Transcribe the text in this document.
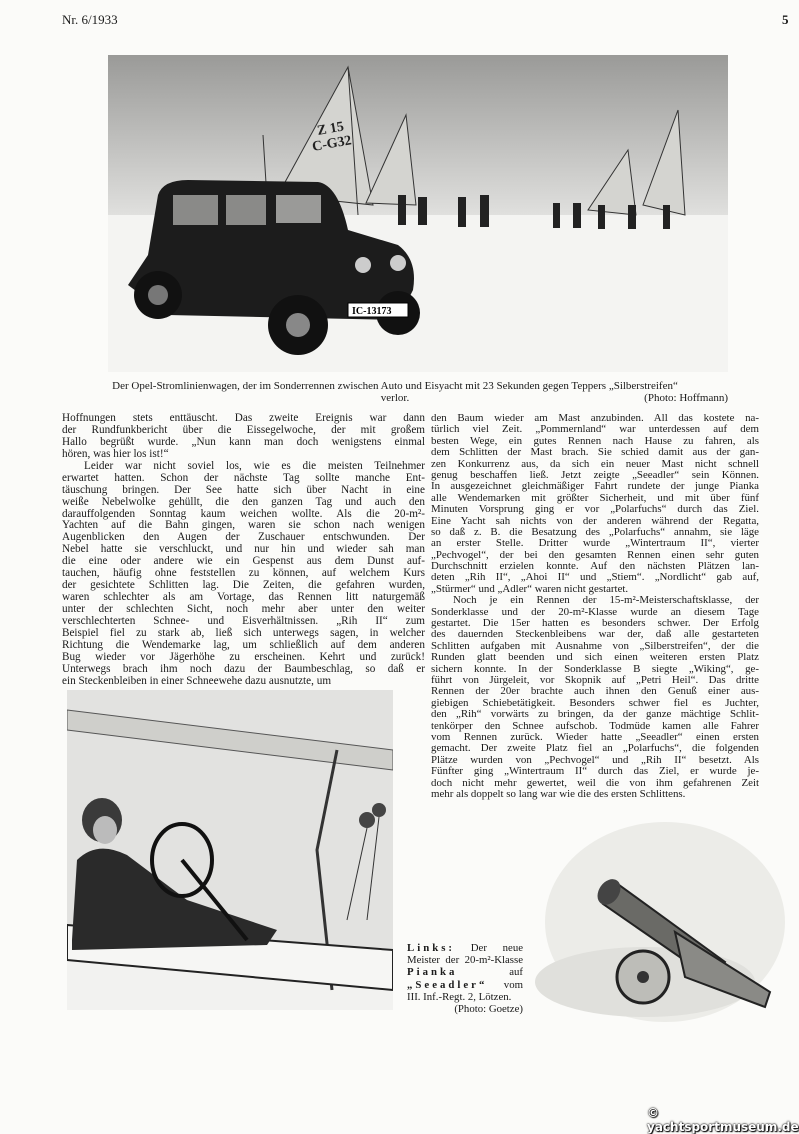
Nr. 6/1933	5
Z 15
C-G32
IC-13173
Der Opel-Stromlinienwagen, der im Sonderrennen zwischen Auto und Eisyacht mit 23 Sekunden gegen Teppers „Silberstreifen“
verlor.	(Photo: Hoffmann)
Hoffnungen stets enttäuscht. Das zweite Ereignis war dann
der Rundfunkbericht über die Eissegelwoche, der mit großem
Hallo begrüßt wurde. „Nun kann man doch wenigstens einmal
hören, was hier los ist!“
Leider war nicht soviel los, wie es die meisten Teilnehmer
erwartet hatten. Schon der nächste Tag sollte manche Ent-
täuschung bringen. Der See hatte sich über Nacht in eine
weiße Nebelwolke gehüllt, die den ganzen Tag und auch den
darauffolgenden Sonntag kaum weichen wollte. Als die 20-m²-
Yachten auf die Bahn gingen, waren sie schon nach wenigen
Augenblicken den Augen der Zuschauer entschwunden. Der
Nebel hatte sie verschluckt, und nur hin und wieder sah man
die eine oder andere wie ein Gespenst aus dem Dunst auf-
tauchen, häufig ohne feststellen zu können, auf welchem Kurs
der gesichtete Schlitten lag. Die Zeiten, die gefahren wurden,
waren schlechter als am Vortage, das Rennen litt naturgemäß
unter der schlechten Sicht, noch mehr aber unter den weiter
verschlechterten Schnee- und Eisverhältnissen. „Rih II“ zum
Beispiel fiel zu stark ab, ließ sich unterwegs sagen, in welcher
Richtung die Wendemarke lag, um schließlich auf dem anderen
Bug wieder vor Jägerhöhe zu erscheinen. Kehrt und zurück!
Unterwegs brach ihm noch dazu der Baumbeschlag, so daß er
ein Steckenbleiben in einer Schneewehe dazu ausnutzte, um
den Baum wieder am Mast anzubinden. All das kostete na-
türlich viel Zeit. „Pommernland“ war unterdessen auf dem
besten Wege, ein gutes Rennen nach Hause zu fahren, als
dem Schlitten der Mast brach. Sie schied damit aus der gan-
zen Konkurrenz aus, da sich ein neuer Mast nicht schnell
genug beschaffen ließ. Jetzt zeigte „Seeadler“ sein Können.
In ausgezeichnet gleichmäßiger Fahrt rundete der junge Pianka
alle Wendemarken mit größter Sicherheit, und mit über fünf
Minuten Vorsprung ging er vor „Polarfuchs“ durch das Ziel.
Eine Yacht sah nichts von der anderen während der Regatta,
so daß z. B. die Besatzung des „Polarfuchs“ annahm, sie läge
an erster Stelle. Dritter wurde „Wintertraum II“, vierter
„Pechvogel“, der bei den gesamten Rennen einen sehr guten
Durchschnitt erzielen konnte. Auf den nächsten Plätzen lan-
deten „Rih II“, „Ahoi II“ und „Stiem“. „Nordlicht“ gab auf,
„Stürmer“ und „Adler“ waren nicht gestartet.
Noch je ein Rennen der 15-m²-Meisterschaftsklasse, der
Sonderklasse und der 20-m²-Klasse wurde an diesem Tage
gestartet. Die 15er hatten es besonders schwer. Der Erfolg
des dauernden Steckenbleibens war der, daß alle gestarteten
Schlitten aufgaben mit Ausnahme von „Silberstreifen“, der die
Runden glatt beenden und sich einen weiteren ersten Platz
sichern konnte. In der Sonderklasse B siegte „Wiking“, ge-
führt von Jürgeleit, vor Skopnik auf „Petri Heil“. Das dritte
Rennen der 20er brachte auch ihnen den Genuß einer aus-
giebigen Schiebetätigkeit. Besonders schwer fiel es Juchter,
den „Rih“ vorwärts zu bringen, da der ganze mächtige Schlit-
tenkörper den Schnee aufschob. Todmüde kamen alle Fahrer
vom Rennen zurück. Wieder hatte „Seeadler“ einen ersten
gemacht. Der zweite Platz fiel an „Polarfuchs“, die folgenden
Plätze wurden von „Pechvogel“ und „Rih II“ besetzt. Als
Fünfter ging „Wintertraum II“ durch das Ziel, er wurde je-
doch nicht mehr gewertet, weil die von ihm gefahrenen Zeit
mehr als doppelt so lang war wie die des ersten Schlittens.
Links: Der neue Meister der 20-m²-Klasse Pianka	auf „Seeadler“ vom III. Inf.-Regt. 2, Lötzen.
(Photo: Goetze)
© yachtsportmuseum.de
